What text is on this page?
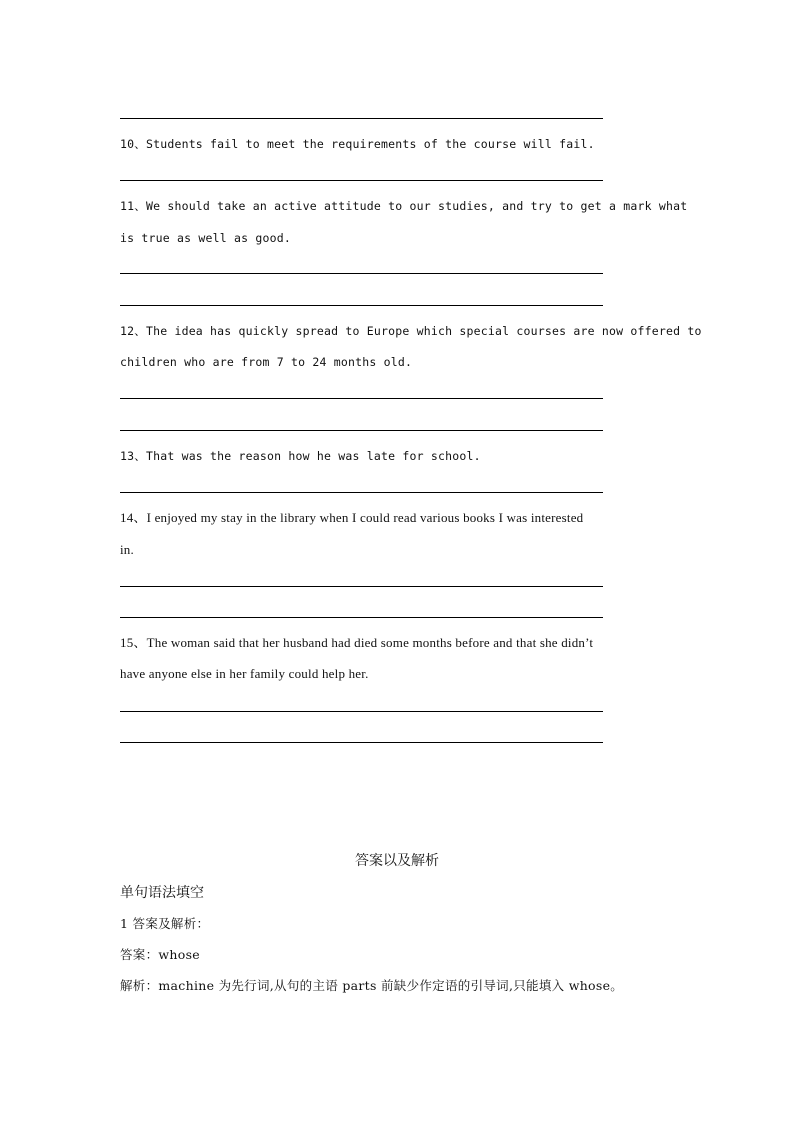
10、Students fail to meet the requirements of the course will fail.
11、We should take an active attitude to our studies, and try to get a mark what
is true as well as good.
12、The idea has quickly spread to Europe which special courses are now offered to
children who are from 7 to 24 months old.
13、That was the reason how he was late for school.
14、I enjoyed my stay in the library when I could read various books I was interested
in.
15、The woman said that her husband had died some months before and that she didn’t
have anyone else in her family could help her.
答案以及解析
单句语法填空
1 答案及解析：
答案：whose
解析：machine 为先行词,从句的主语 parts 前缺少作定语的引导词,只能填入 whose。
